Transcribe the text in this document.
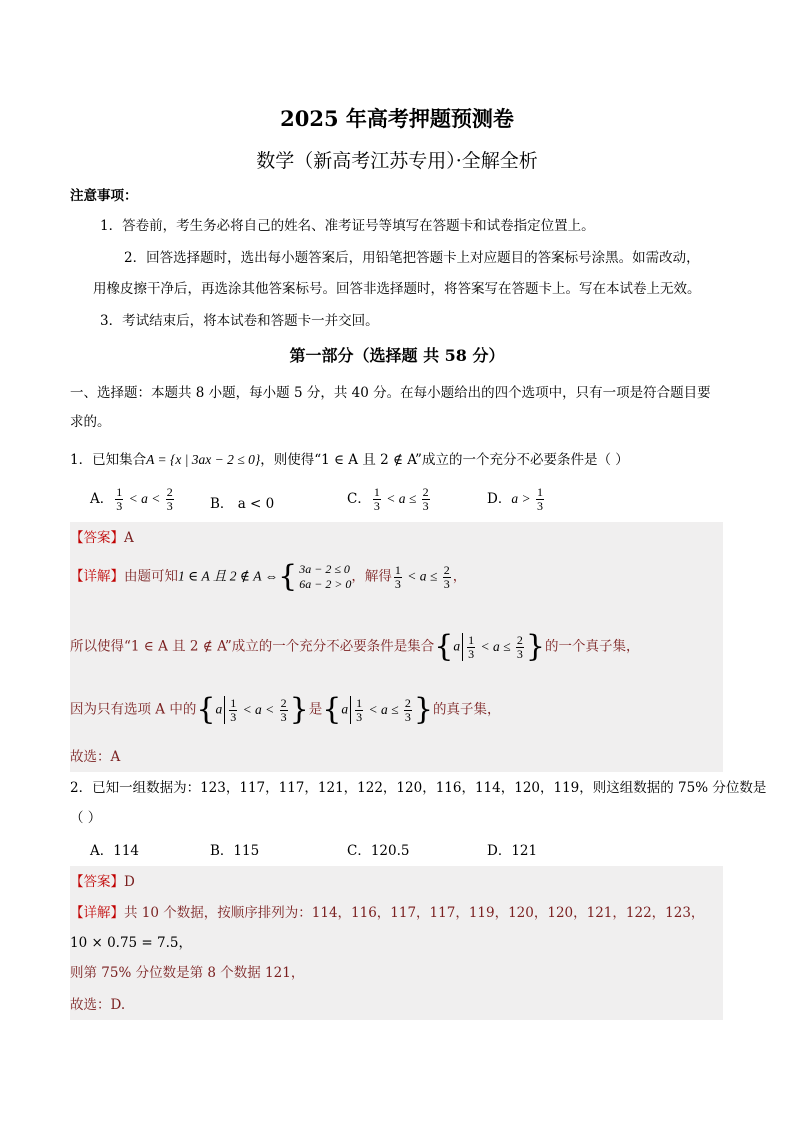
2025 年高考押题预测卷
数学（新高考江苏专用）·全解全析
注意事项：
1．答卷前，考生务必将自己的姓名、准考证号等填写在答题卡和试卷指定位置上。
2．回答选择题时，选出每小题答案后，用铅笔把答题卡上对应题目的答案标号涂黑。如需改动，
用橡皮擦干净后，再选涂其他答案标号。回答非选择题时，将答案写在答题卡上。写在本试卷上无效。
3．考试结束后，将本试卷和答题卡一并交回。
第一部分（选择题 共 58 分）
一、选择题：本题共 8 小题，每小题 5 分，共 40 分。在每小题给出的四个选项中，只有一项是符合题目要
求的。
1．已知集合A = {x | 3ax − 2 ≤ 0}，则使得“1 ∈ A 且 2 ∉ A”成立的一个充分不必要条件是（ ）
A． $\frac{1}{3} < a < \frac{2}{3}$	B． a < 0	C． $\frac{1}{3} < a \le \frac{2}{3}$	D．$a > \frac{1}{3}$
【答案】A
【详解】由题可知1 ∈ A 且 2 ∉ A ⇔{ 3a − 2 ≤ 0
6a − 2 > 0 ，解得 $\frac{1}{3} < a \le \frac{2}{3}$ ，
所以使得“1 ∈ A 且 2 ∉ A”成立的一个充分不必要条件是集合{$a \frac{1}{3} < a \le \frac{2}{3}$ }的一个真子集，
因为只有选项 A 中的{$a \frac{1}{3} < a < \frac{2}{3}$ }是{$a \frac{1}{3} < a \le \frac{2}{3}$ }的真子集，
故选：A
2．已知一组数据为：123，117，117，121，122，120，116，114，120，119，则这组数据的 75% 分位数是
（ ）
A．114	B．115	C．120.5	D．121
【答案】D
【详解】共 10 个数据，按顺序排列为：114，116，117，117，119，120，120，121，122，123，
10 × 0.75 = 7.5，
则第 75% 分位数是第 8 个数据 121，
故选：D.
